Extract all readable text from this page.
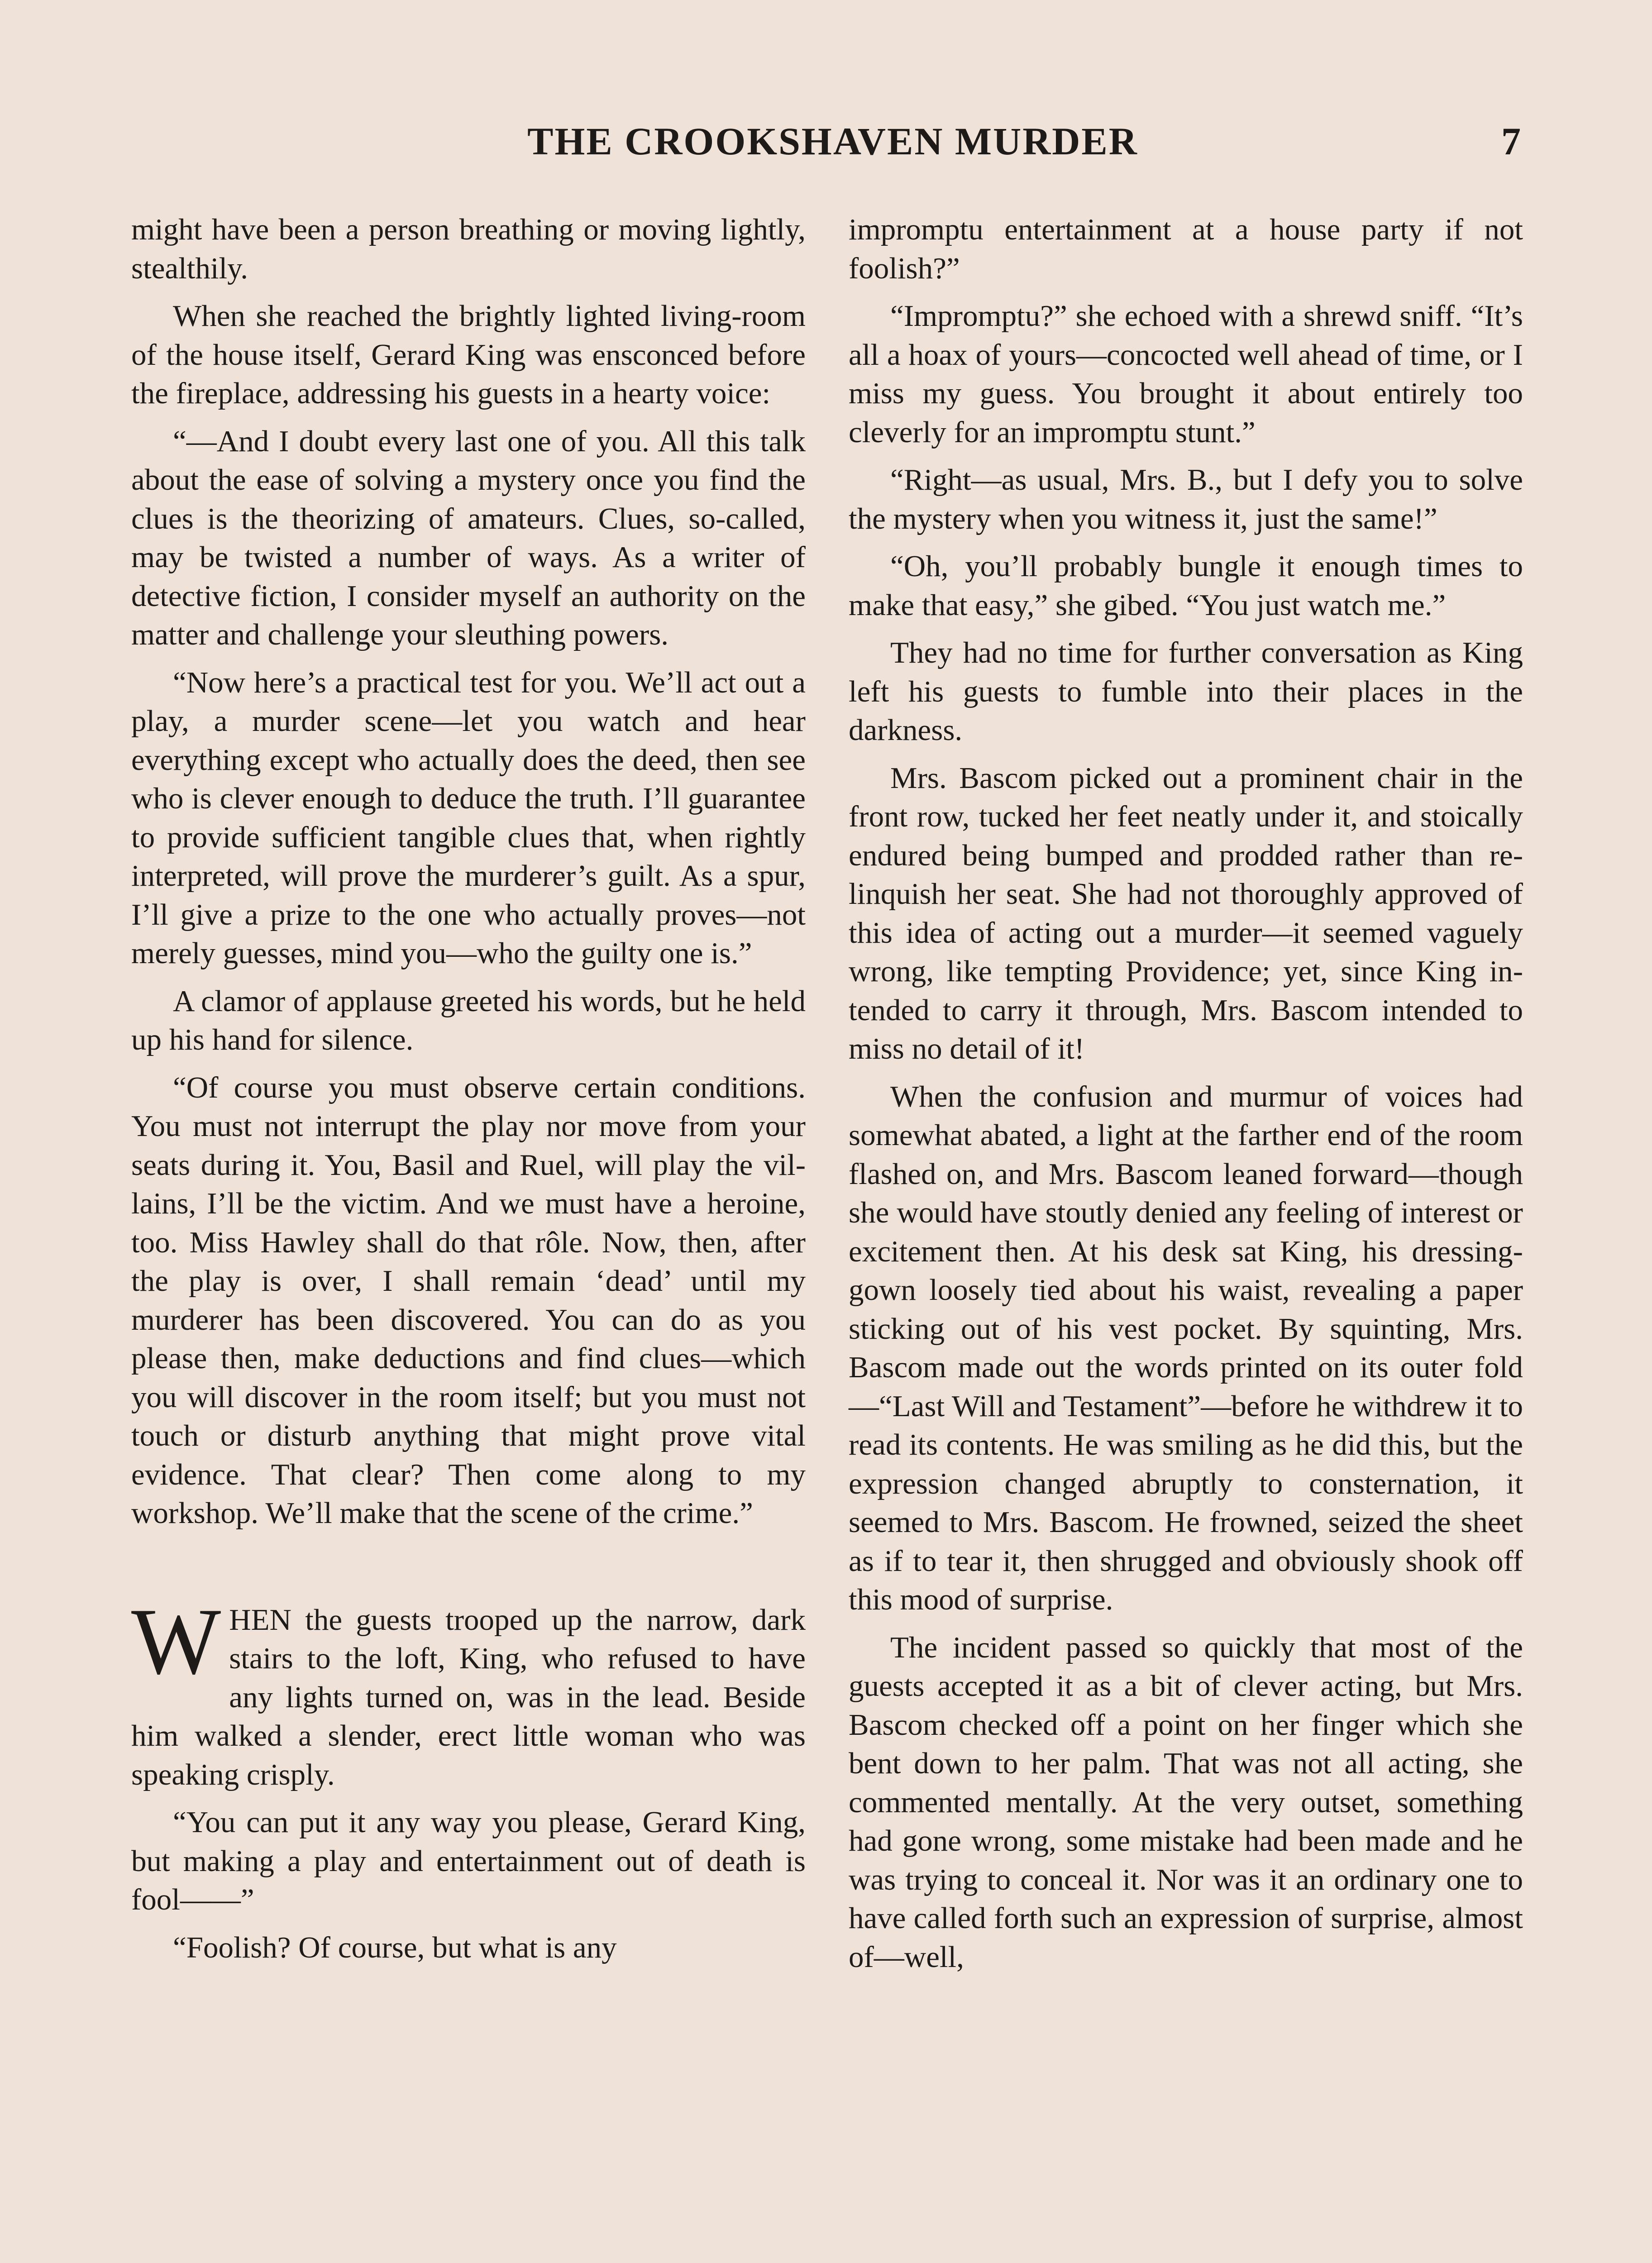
THE CROOKSHAVEN MURDER	7

might have been a person breathing or moving lightly, stealthily.

When she reached the brightly lighted living-room of the house itself, Gerard King was ensconced before the fireplace, addressing his guests in a hearty voice:

“—And I doubt every last one of you. All this talk about the ease of solving a mystery once you find the clues is the theorizing of amateurs. Clues, so-called, may be twisted a number of ways. As a writer of detective fiction, I consider myself an authority on the matter and challenge your sleuthing powers.

“Now here’s a practical test for you. We’ll act out a play, a murder scene—let you watch and hear everything except who actually does the deed, then see who is clever enough to deduce the truth. I’ll guarantee to provide sufficient tangible clues that, when rightly interpreted, will prove the murderer’s guilt. As a spur, I’ll give a prize to the one who actually proves—not merely guesses, mind you—who the guilty one is.”

A clamor of applause greeted his words, but he held up his hand for silence.

“Of course you must observe certain conditions. You must not interrupt the play nor move from your seats during it. You, Basil and Ruel, will play the villains, I’ll be the victim. And we must have a heroine, too. Miss Hawley shall do that rôle. Now, then, after the play is over, I shall remain ‘dead’ until my murderer has been discovered. You can do as you please then, make deductions and find clues—which you will discover in the room itself; but you must not touch or disturb anything that might prove vital evidence. That clear? Then come along to my workshop. We’ll make that the scene of the crime.”

WHEN the guests trooped up the narrow, dark stairs to the loft, King, who refused to have any lights turned on, was in the lead. Beside him walked a slender, erect little woman who was speaking crisply.

“You can put it any way you please, Gerard King, but making a play and entertainment out of death is fool——”

“Foolish? Of course, but what is any

impromptu entertainment at a house party if not foolish?”

“Impromptu?” she echoed with a shrewd sniff. “It’s all a hoax of yours—concocted well ahead of time, or I miss my guess. You brought it about entirely too cleverly for an impromptu stunt.”

“Right—as usual, Mrs. B., but I defy you to solve the mystery when you witness it, just the same!”

“Oh, you’ll probably bungle it enough times to make that easy,” she gibed. “You just watch me.”

They had no time for further conversation as King left his guests to fumble into their places in the darkness.

Mrs. Bascom picked out a prominent chair in the front row, tucked her feet neatly under it, and stoically endured being bumped and prodded rather than relinquish her seat. She had not thoroughly approved of this idea of acting out a murder—it seemed vaguely wrong, like tempting Providence; yet, since King intended to carry it through, Mrs. Bascom intended to miss no detail of it!

When the confusion and murmur of voices had somewhat abated, a light at the farther end of the room flashed on, and Mrs. Bascom leaned forward—though she would have stoutly denied any feeling of interest or excitement then. At his desk sat King, his dressing-gown loosely tied about his waist, revealing a paper sticking out of his vest pocket. By squinting, Mrs. Bascom made out the words printed on its outer fold—“Last Will and Testament”—before he withdrew it to read its contents. He was smiling as he did this, but the expression changed abruptly to consternation, it seemed to Mrs. Bascom. He frowned, seized the sheet as if to tear it, then shrugged and obviously shook off this mood of surprise.

The incident passed so quickly that most of the guests accepted it as a bit of clever acting, but Mrs. Bascom checked off a point on her finger which she bent down to her palm. That was not all acting, she commented mentally. At the very outset, something had gone wrong, some mistake had been made and he was trying to conceal it. Nor was it an ordinary one to have called forth such an expression of surprise, almost of—well,
